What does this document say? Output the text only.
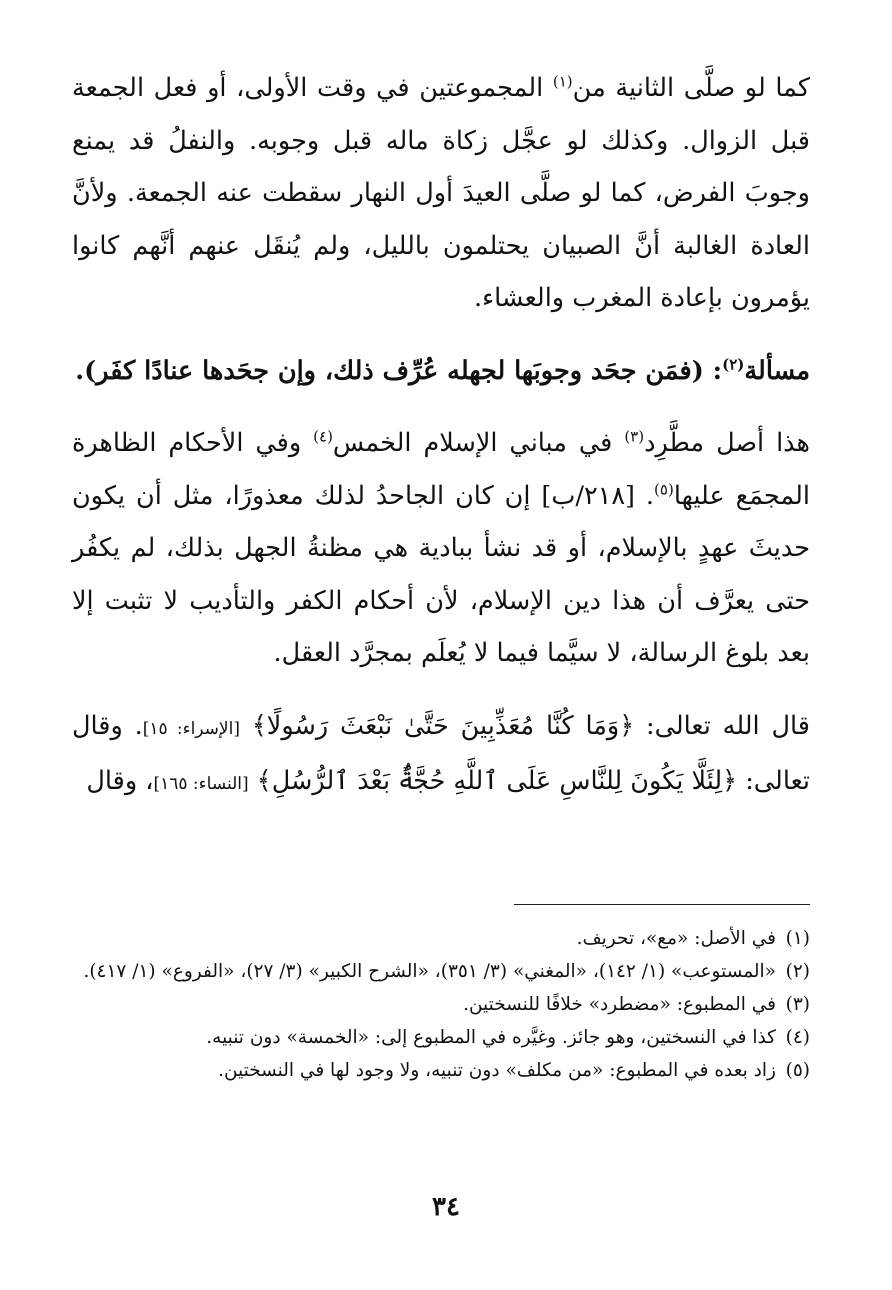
كما لو صلَّى الثانية من$^{(١)}$ المجموعتين في وقت الأولى، أو فعل الجمعة قبل الزوال. وكذلك لو عجَّل زكاة ماله قبل وجوبه. والنفلُ قد يمنع وجوبَ الفرض، كما لو صلَّى العيدَ أول النهار سقطت عنه الجمعة. ولأنَّ العادة الغالبة أنَّ الصبيان يحتلمون بالليل، ولم يُنقَل عنهم أنَّهم كانوا يؤمرون بإعادة المغرب والعشاء.

مسألة$^{(٢)}$: (فمَن جحَد وجوبَها لجهله عُرِّف ذلك، وإن جحَدها عنادًا كفَر).

هذا أصل مطَّرِد$^{(٣)}$ في مباني الإسلام الخمس$^{(٤)}$ وفي الأحكام الظاهرة المجمَع عليها$^{(٥)}$. [٢١٨/ب] إن كان الجاحدُ لذلك معذورًا، مثل أن يكون حديثَ عهدٍ بالإسلام، أو قد نشأ ببادية هي مظنةُ الجهل بذلك، لم يكفُر حتى يعرَّف أن هذا دين الإسلام، لأن أحكام الكفر والتأديب لا تثبت إلا بعد بلوغ الرسالة، لا سيَّما فيما لا يُعلَم بمجرَّد العقل.

قال الله تعالى: ﴿وَمَا كُنَّا مُعَذِّبِينَ حَتَّىٰ نَبْعَثَ رَسُولًا﴾ [الإسراء: ١٥]. وقال تعالى: ﴿لِئَلَّا يَكُونَ لِلنَّاسِ عَلَى ٱللَّهِ حُجَّةٌۢ بَعْدَ ٱلرُّسُلِ﴾ [النساء: ١٦٥]، وقال

(١)
في الأصل: «مع»، تحريف.
(٢)
«المستوعب» (١/ ١٤٢)، «المغني» (٣/ ٣٥١)، «الشرح الكبير» (٣/ ٢٧)، «الفروع» (١/ ٤١٧).
(٣)
في المطبوع: «مضطرد» خلافًا للنسختين.
(٤)
كذا في النسختين، وهو جائز. وغيَّره في المطبوع إلى: «الخمسة» دون تنبيه.
(٥)
زاد بعده في المطبوع: «من مكلف» دون تنبيه، ولا وجود لها في النسختين.
٣٤
